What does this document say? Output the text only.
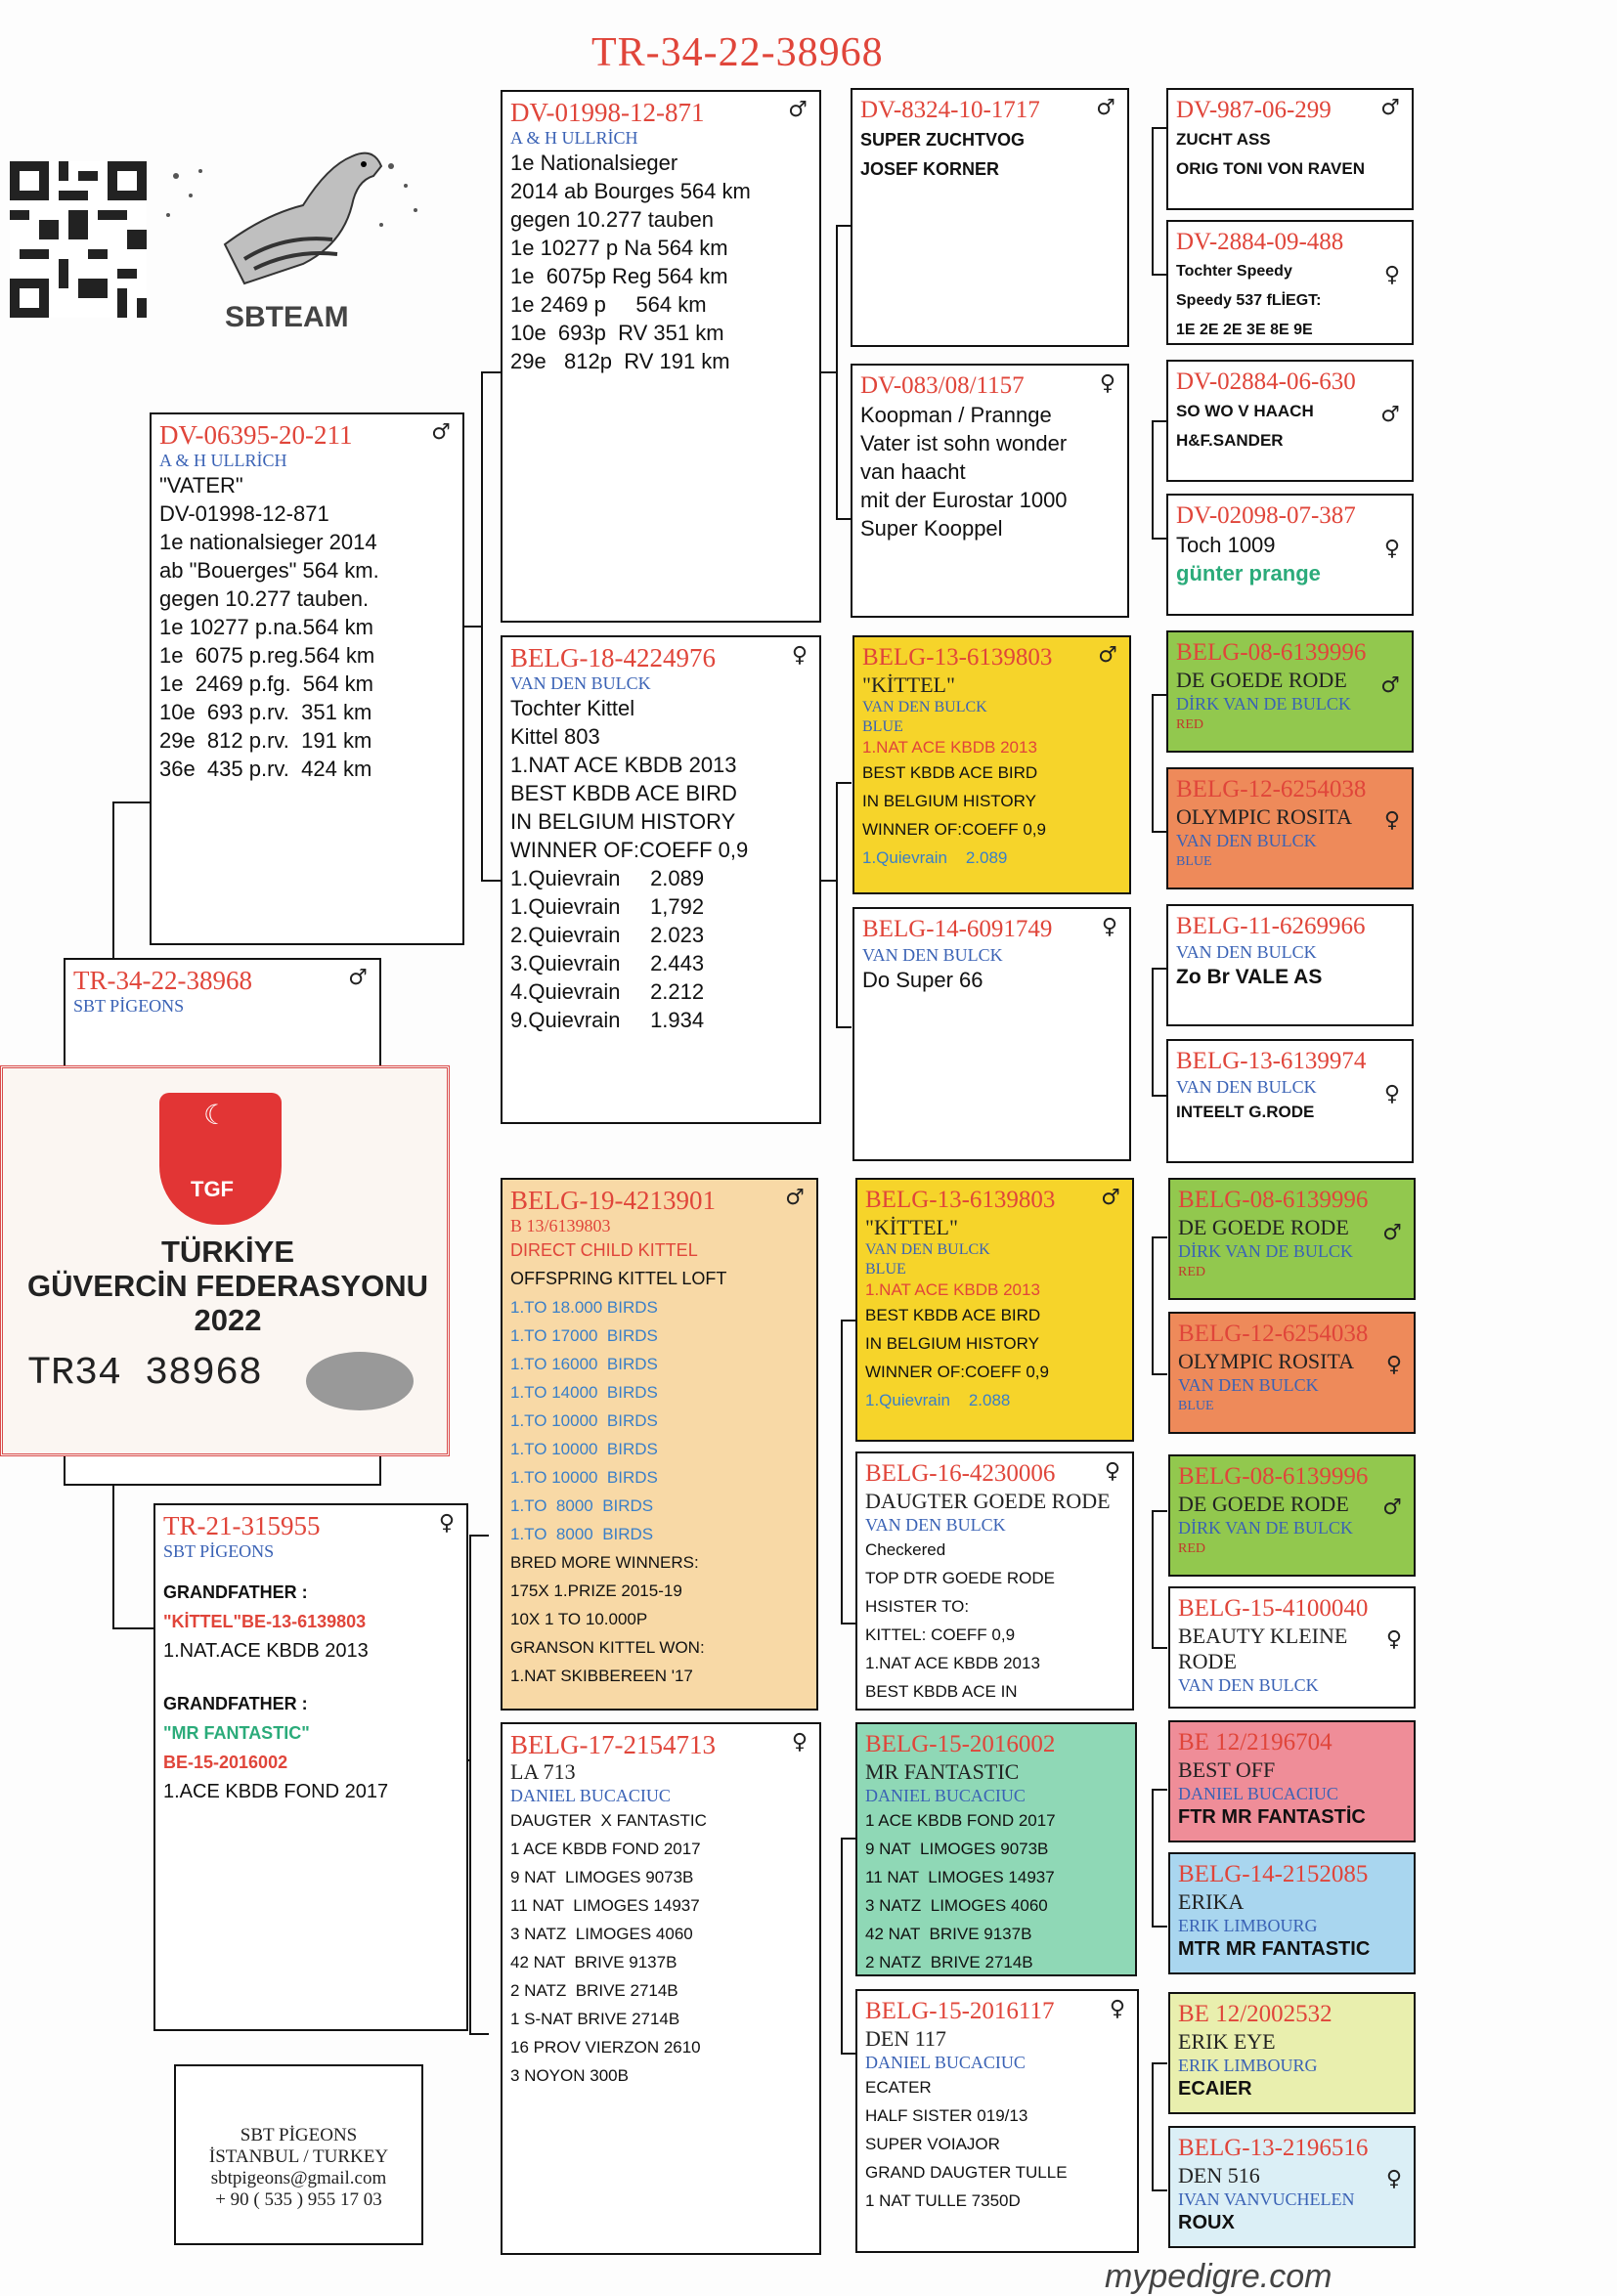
TR-34-22-38968
SBTEAM
TR-34-22-38968	♂
SBT PİGEONS
☾
TGF
TÜRKİYE
GÜVERCİN FEDERASYONU
2022
TR34 38968
DV-06395-20-211	♂
A & H ULLRİCH
"VATER"
DV-01998-12-871
1e nationalsieger 2014
ab "Bouerges" 564 km.
gegen 10.277 tauben.
1e 10277 p.na.564 km
1e  6075 p.reg.564 km
1e  2469 p.fg.  564 km
10e  693 p.rv.  351 km
29e  812 p.rv.  191 km
36e  435 p.rv.  424 km
TR-21-315955	♀
SBT PİGEONS
GRANDFATHER :
"KİTTEL"BE-13-6139803
1.NAT.ACE KBDB 2013
GRANDFATHER :
"MR FANTASTIC"
BE-15-2016002
1.ACE KBDB FOND 2017
SBT PİGEONS
İSTANBUL / TURKEY
sbtpigeons@gmail.com
+ 90 ( 535 ) 955 17 03
DV-01998-12-871	♂
A & H ULLRİCH
1e Nationalsieger
2014 ab Bourges 564 km
gegen 10.277 tauben
1e 10277 p Na 564 km
1e  6075p Reg 564 km
1e 2469 p     564 km
10e  693p  RV 351 km
29e   812p  RV 191 km
BELG-18-4224976	♀
VAN DEN BULCK
Tochter Kittel
Kittel 803
1.NAT ACE KBDB 2013
BEST KBDB ACE BIRD
IN BELGIUM HISTORY
WINNER OF:COEFF 0,9
1.Quievrain     2.089
1.Quievrain     1,792
2.Quievrain     2.023
3.Quievrain     2.443
4.Quievrain     2.212
9.Quievrain     1.934
BELG-19-4213901	♂
B 13/6139803
DIRECT CHILD KITTEL
OFFSPRING KITTEL LOFT
1.TO 18.000 BIRDS
1.TO 17000  BIRDS
1.TO 16000  BIRDS
1.TO 14000  BIRDS
1.TO 10000  BIRDS
1.TO 10000  BIRDS
1.TO 10000  BIRDS
1.TO  8000  BIRDS
1.TO  8000  BIRDS
BRED MORE WINNERS:
175X 1.PRIZE 2015-19
10X 1 TO 10.000P
GRANSON KITTEL WON:
1.NAT SKIBBEREEN '17
BELG-17-2154713	♀
LA 713
DANIEL BUCACIUC
DAUGTER  X FANTASTIC
1 ACE KBDB FOND 2017
9 NAT  LIMOGES 9073B
11 NAT  LIMOGES 14937
3 NATZ  LIMOGES 4060
42 NAT  BRIVE 9137B
2 NATZ  BRIVE 2714B
1 S-NAT BRIVE 2714B
16 PROV VIERZON 2610
3 NOYON 300B
DV-8324-10-1717	♂
SUPER ZUCHTVOG
JOSEF KORNER
DV-083/08/1157	♀
Koopman / Prannge
Vater ist sohn wonder
van haacht
mit der Eurostar 1000
Super Kooppel
BELG-13-6139803	♂
"KİTTEL"
VAN DEN BULCK
BLUE
1.NAT ACE KBDB 2013
BEST KBDB ACE BIRD
IN BELGIUM HISTORY
WINNER OF:COEFF 0,9
1.Quievrain    2.089
BELG-14-6091749	♀
VAN DEN BULCK
Do Super 66
BELG-13-6139803	♂
"KİTTEL"
VAN DEN BULCK
BLUE
1.NAT ACE KBDB 2013
BEST KBDB ACE BIRD
IN BELGIUM HISTORY
WINNER OF:COEFF 0,9
1.Quievrain    2.088
BELG-16-4230006	♀
DAUGTER GOEDE RODE
VAN DEN BULCK
Checkered
TOP DTR GOEDE RODE
HSISTER TO:
KITTEL: COEFF 0,9
1.NAT ACE KBDB 2013
BEST KBDB ACE IN
BELG-15-2016002
MR FANTASTIC
DANIEL BUCACIUC
1 ACE KBDB FOND 2017
9 NAT  LIMOGES 9073B
11 NAT  LIMOGES 14937
3 NATZ  LIMOGES 4060
42 NAT  BRIVE 9137B
2 NATZ  BRIVE 2714B
BELG-15-2016117	♀
DEN 117
DANIEL BUCACIUC
ECATER
HALF SISTER 019/13
SUPER VOIAJOR
GRAND DAUGTER TULLE
1 NAT TULLE 7350D
DV-987-06-299	♂
ZUCHT ASS
ORIG TONI VON RAVEN
DV-2884-09-488
♀
Tochter Speedy
Speedy 537 fLİEGT:
1E 2E 2E 3E 8E 9E
DV-02884-06-630
♂
SO WO V HAACH
H&F.SANDER
DV-02098-07-387
♀
Toch 1009
günter prange
BELG-08-6139996
♂
DE GOEDE RODE
DİRK VAN DE BULCK
RED
BELG-12-6254038
♀
OLYMPIC ROSITA
VAN DEN BULCK
BLUE
BELG-11-6269966
VAN DEN BULCK
Zo Br VALE AS
BELG-13-6139974
♀
VAN DEN BULCK
INTEELT G.RODE
BELG-08-6139996
♂
DE GOEDE RODE
DİRK VAN DE BULCK
RED
BELG-12-6254038
♀
OLYMPIC ROSITA
VAN DEN BULCK
BLUE
BELG-08-6139996
♂
DE GOEDE RODE
DİRK VAN DE BULCK
RED
BELG-15-4100040
♀
BEAUTY KLEINE
RODE
VAN DEN BULCK
BE 12/2196704
BEST OFF
DANIEL BUCACIUC
FTR MR FANTASTİC
BELG-14-2152085
ERIKA
ERIK LIMBOURG
MTR MR FANTASTIC
BE 12/2002532
ERIK EYE
ERIK LIMBOURG
ECAIER
BELG-13-2196516
♀
DEN 516
IVAN VANVUCHELEN
ROUX
mypedigre.com
